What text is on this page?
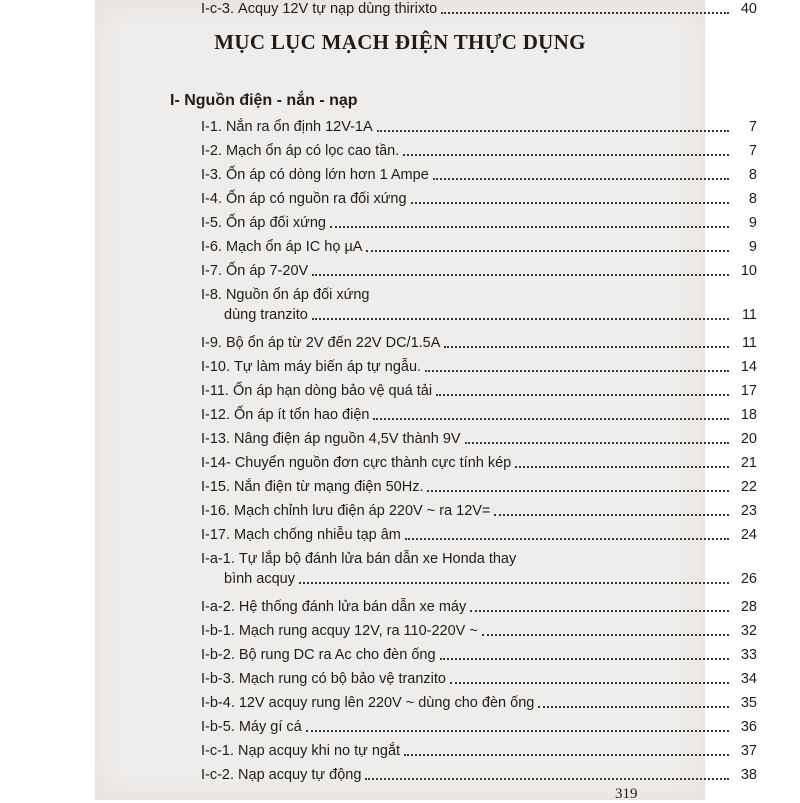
MỤC LỤC MẠCH ĐIỆN THỰC DỤNG
I- Nguồn điện - nắn - nạp
I-1. Nắn ra ổn định 12V-1A	7
I-2. Mạch ổn áp có lọc cao tần.	7
I-3. Ổn áp có dòng lớn hơn 1 Ampe	8
I-4. Ổn áp có nguồn ra đối xứng	8
I-5. Ổn áp đối xứng	9
I-6. Mạch ổn áp IC họ µA	9
I-7. Ổn áp 7-20V	10
I-8. Nguồn ổn áp đối xứng
dùng tranzito	11
I-9. Bộ ổn áp từ 2V đến 22V DC/1.5A	11
I-10. Tự làm máy biến áp tự ngẫu.	14
I-11. Ổn áp hạn dòng bảo vệ quá tải	17
I-12. Ổn áp ít tổn hao điện	18
I-13. Nâng điện áp nguồn 4,5V thành 9V	20
I-14- Chuyển nguồn đơn cực thành cực tính kép	21
I-15. Nắn điện từ mạng điện 50Hz.	22
I-16. Mạch chỉnh lưu điện áp 220V ~ ra 12V=	23
I-17. Mạch chống nhiễu tạp âm	24
I-a-1. Tự lắp bộ đánh lửa bán dẫn xe Honda thay
bình acquy	26
I-a-2. Hệ thống đánh lửa bán dẫn xe máy	28
I-b-1. Mạch rung acquy 12V, ra 110-220V ~	32
I-b-2. Bộ rung DC ra Ac cho đèn ống	33
I-b-3. Mạch rung có bộ bảo vệ tranzito	34
I-b-4. 12V acquy rung lên 220V ~ dùng cho đèn ống	35
I-b-5. Máy gí cá	36
I-c-1. Nạp acquy khi no tự ngắt	37
I-c-2. Nạp acquy tự động	38
I-c-3. Acquy 12V tự nạp dùng thirixto	40
319
